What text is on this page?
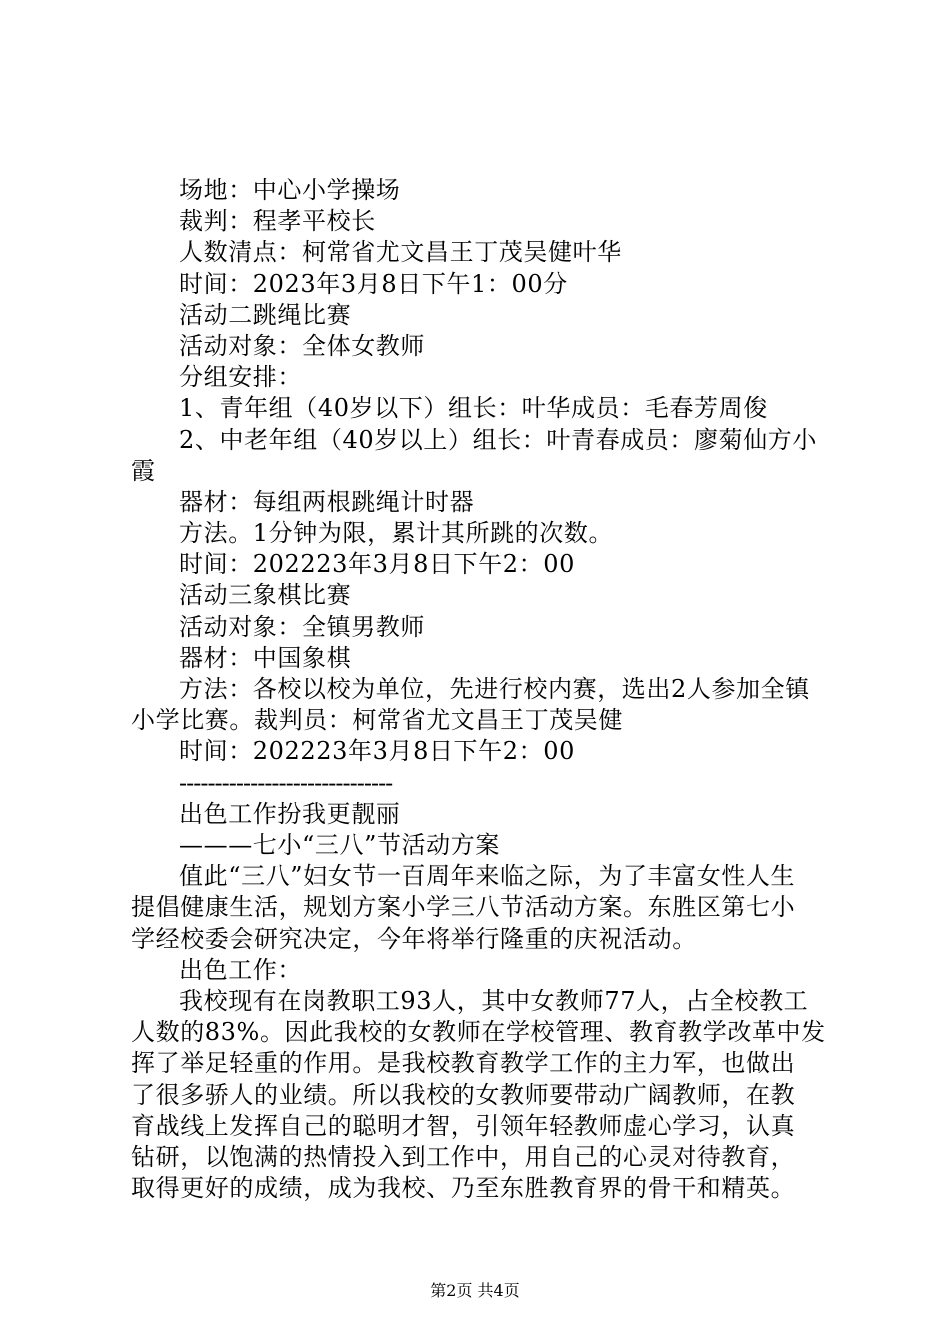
场地：中心小学操场
裁判：程孝平校长
人数清点：柯常省尤文昌王丁茂吴健叶华
时间：2023年3月8日下午1：00分
活动二跳绳比赛
活动对象：全体女教师
分组安排：
1、青年组（40岁以下）组长：叶华成员：毛春芳周俊
2、中老年组（40岁以上）组长：叶青春成员：廖菊仙方小
霞
器材：每组两根跳绳计时器
方法。1分钟为限，累计其所跳的次数。
时间：202223年3月8日下午2：00
活动三象棋比赛
活动对象：全镇男教师
器材：中国象棋
方法：各校以校为单位，先进行校内赛，选出2人参加全镇
小学比赛。裁判员：柯常省尤文昌王丁茂吴健
时间：202223年3月8日下午2：00
------------------------------
出色工作扮我更靓丽
———七小“三八”节活动方案
值此“三八”妇女节一百周年来临之际，为了丰富女性人生
提倡健康生活，规划方案小学三八节活动方案。东胜区第七小
学经校委会研究决定，今年将举行隆重的庆祝活动。
出色工作：
我校现有在岗教职工93人，其中女教师77人，占全校教工
人数的83%。因此我校的女教师在学校管理、教育教学改革中发
挥了举足轻重的作用。是我校教育教学工作的主力军，也做出
了很多骄人的业绩。所以我校的女教师要带动广阔教师，在教
育战线上发挥自己的聪明才智，引领年轻教师虚心学习，认真
钻研，以饱满的热情投入到工作中，用自己的心灵对待教育，
取得更好的成绩，成为我校、乃至东胜教育界的骨干和精英。
第2页 共4页
